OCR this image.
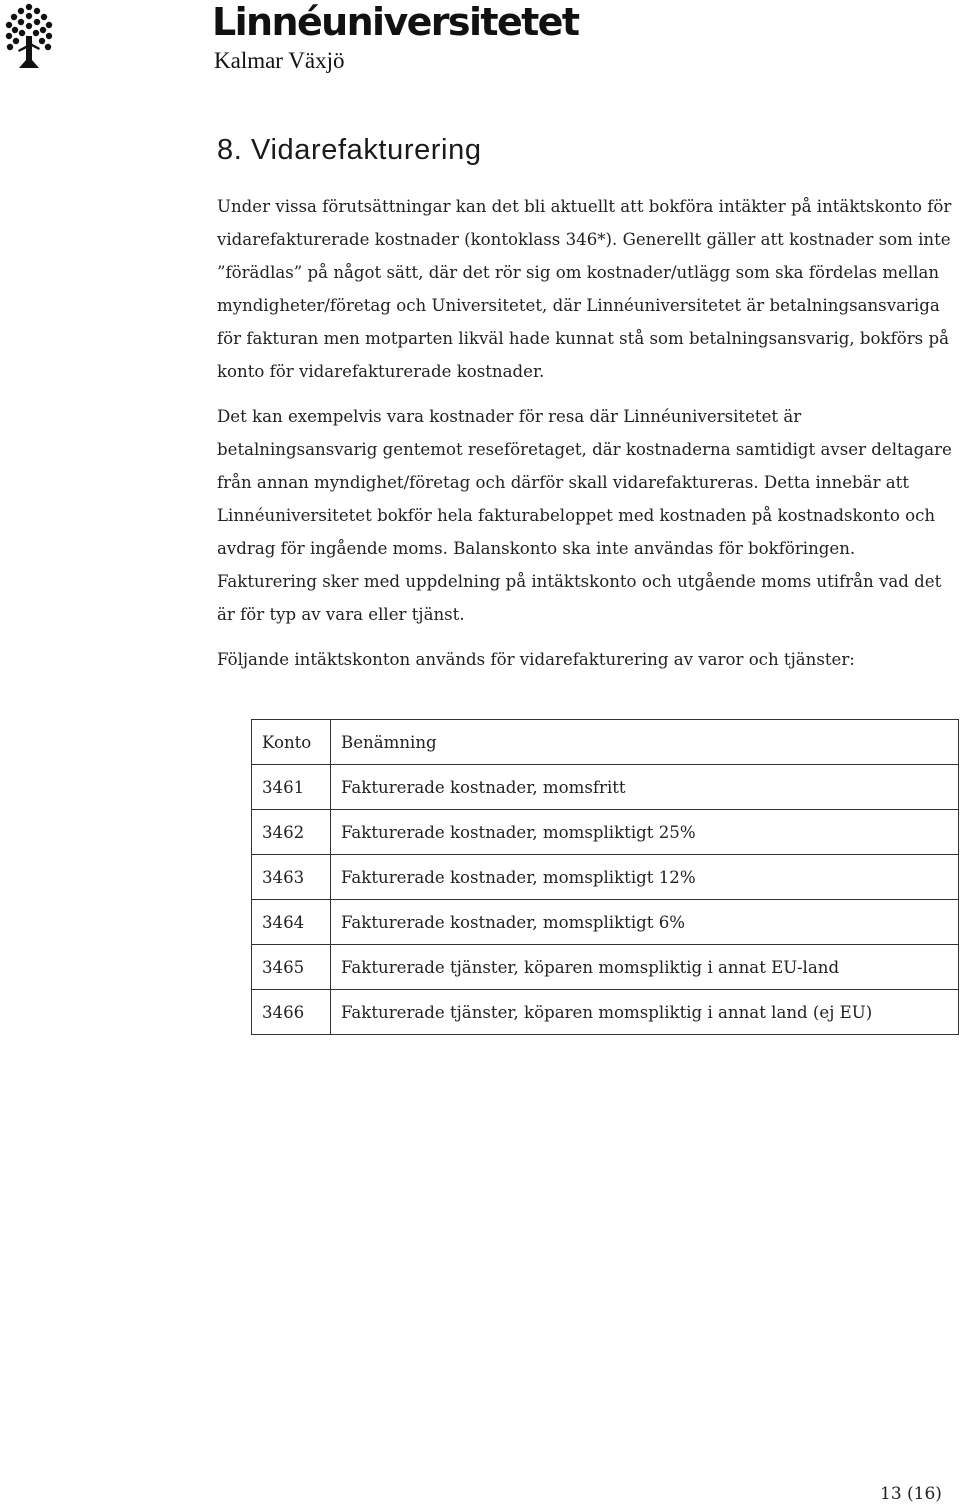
Linnéuniversitetet
Kalmar Växjö
8. Vidarefakturering

Under vissa förutsättningar kan det bli aktuellt att bokföra intäkter på intäktskonto för vidarefakturerade kostnader (kontoklass 346*). Generellt gäller att kostnader som inte ”förädlas” på något sätt, där det rör sig om kostnader/utlägg som ska fördelas mellan myndigheter/företag och Universitetet, där Linnéuniversitetet är betalningsansvariga för fakturan men motparten likväl hade kunnat stå som betalningsansvarig, bokförs på konto för vidarefakturerade kostnader.

Det kan exempelvis vara kostnader för resa där Linnéuniversitetet är betalningsansvarig gentemot reseföretaget, där kostnaderna samtidigt avser deltagare från annan myndighet/företag och därför skall vidarefaktureras. Detta innebär att Linnéuniversitetet bokför hela fakturabeloppet med kostnaden på kostnadskonto och avdrag för ingående moms. Balanskonto ska inte användas för bokföringen. Fakturering sker med uppdelning på intäktskonto och utgående moms utifrån vad det är för typ av vara eller tjänst.

Följande intäktskonton används för vidarefakturering av varor och tjänster:

Konto	Benämning
3461	Fakturerade kostnader, momsfritt
3462	Fakturerade kostnader, momspliktigt 25%
3463	Fakturerade kostnader, momspliktigt 12%
3464	Fakturerade kostnader, momspliktigt 6%
3465	Fakturerade tjänster, köparen momspliktig i annat EU-land
3466	Fakturerade tjänster, köparen momspliktig i annat land (ej EU)
13 (16)
